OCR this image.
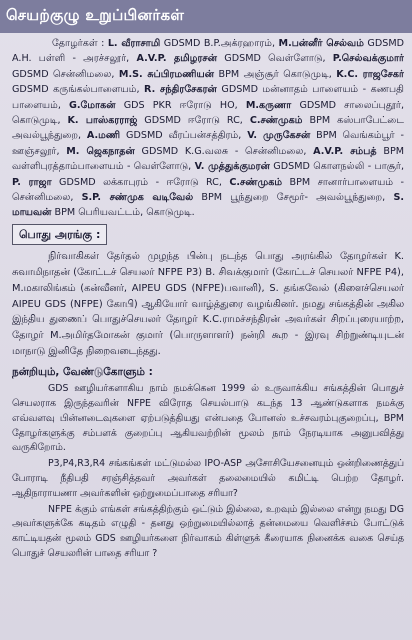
செயற்குழு உறுப்பினர்கள்

தோழர்கள் : L. வீராசாமி GDSMD B.P.அக்ரஹாரம், M.பன்னீர் செல்வம் GDSMD A.H. பள்ளி - அரச்சலூர், A.V.P. தமிழரசன் GDSMD வெள்ளோடு, P.செல்வக்குமார் GDSMD சென்னிமலை, M.S. சுப்பிரமணியன் BPM அஞ்சூர் கொடுமுடி, K.C. ராஜசேகர் GDSMD கருங்கல்பாளையம், R. சந்திரசேகரன் GDSMD மன்னாதம் பாளையம் - கணபதி பாளையம், G.மோகன் GDS PKR ஈரோடு HO, M.கருணா GDSMD சாலைப்புதூர், கொடுமுடி, K. பாஸ்கரராஜ் GDSMD ஈரோடு RC, C.சண்முகம் BPM கஸ்பாபேட்டை அவல்பூந்துறை, A.மணி GDSMD வீரப்பன்சத்திரம், V. முருகேசன் BPM வெங்கம்பூர் - ஊஞ்சலூர், M. ஜெகநாதன் GDSMD K.G.வலசு - சென்னிமலை, A.V.P. சம்பத் BPM வள்ளிபுரத்தாம்பாளையம் - வெள்ளோடு, V. முத்துக்குமரன் GDSMD கொளநல்லி - பாசூர், P. ராஜா GDSMD லக்காபுரம் - ஈரோடு RC, C.சண்முகம் BPM சானார்பாளையம் - சென்னிமலை, S.P. சண்முக வடிவேல் BPM பூந்துறை சேமூர்- அவல்பூந்துறை, S. மாயவன் BPM பெரியவட்டம், கொடுமுடி.

பொது அரங்கு :

நிர்வாகிகள் தேர்தல் முழந்த பின்பு நடந்த பொது அரங்கில் தோழர்கள் K. சுவாமிநாதன் (கோட்டச் செயலர் NFPE P3) B. சிவக்குமார் (கோட்டச் செயலர் NFPE P4), M.மகாலிங்கம் (கன்வீனர், AIPEU GDS (NFPE)பவானி), S. தங்கவேல் (கிளைச்செயலர் AIPEU GDS (NFPE) கோபி) ஆகியோர் வாழ்த்துரை வழங்கினர். நமது சங்கத்தின் அகில இந்திய துணைப் பொதுச்செயலர் தோழர் K.C.ராமச்சந்திரன் அவர்கள் சிறப்புரையாற்ற, தோழர் M.அமிர்தமோகன் குமார் (பொருளாளர்) நன்றி கூற - இரவு சிற்றுண்டியுடன் மாநாடு இனிதே நிறைவடைந்தது.

நன்றியும், வேண்டுகோளும் :

GDS ஊழியர்களாகிய நாம் நமக்கென 1999 ல் உருவாக்கிய சங்கத்தின் பொதுச் செயலராக இருந்தவரின் NFPE விரோத செயல்பாடு கடந்த 13 ஆண்டுகளாக நமக்கு எவ்வளவு பின்னடைவுகளை ஏற்படுத்தியது என்பதை போனஸ் உச்சவரம்புகுறைப்பு, BPM தோழர்களுக்கு சம்பளக் குறைப்பு ஆகியவற்றின் மூலம் நாம் நேரடியாக அனுபவித்து வருகிறோம்.

P3,P4,R3,R4 சங்கங்கள் மட்டுமல்ல IPO-ASP அசோசியேசனையும் ஒன்றிணைத்துப் போராடி நீதிபதி சரஞ்சித்தவர் அவர்கள் தலைமையில் கமிட்டி பெற்ற தோழர். ஆதிநாராயணா அவர்களின் ஒற்றுமைப்பாதை சரியா?

NFPE க்கும் எங்கள் சங்கத்திற்கும் ஒட்டும் இல்லை, உறவும் இல்லை என்று நமது DG அவர்களுக்கே கடிதம் எழுதி - தனது ஒற்றுமையில்லாத் தன்மையை வெளிச்சம் போட்டுக் காட்டியதன் மூலம் GDS ஊழியர்களை நிர்வாகம் கிள்ளுக் கீரையாக நினைக்க வகை செய்த பொதுச் செயலரின் பாதை சரியா ?
